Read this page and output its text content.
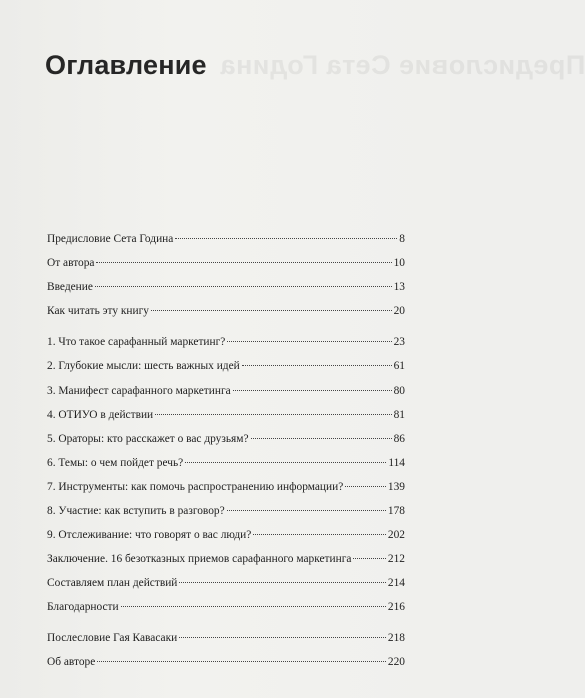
Предисловие Сета Година
Оглавление
Предисловие Сета Година	8
От автора	10
Введение	13
Как читать эту книгу	20
1. Что такое сарафанный маркетинг?	23
2. Глубокие мысли: шесть важных идей	61
3. Манифест сарафанного маркетинга	80
4. ОТИУО в действии	81
5. Ораторы: кто расскажет о вас друзьям?	86
6. Темы: о чем пойдет речь?	114
7. Инструменты: как помочь распространению информации?	139
8. Участие: как вступить в разговор?	178
9. Отслеживание: что говорят о вас люди?	202
Заключение. 16 безотказных приемов сарафанного маркетинга	212
Составляем план действий	214
Благодарности	216
Послесловие Гая Кавасаки	218
Об авторе	220
